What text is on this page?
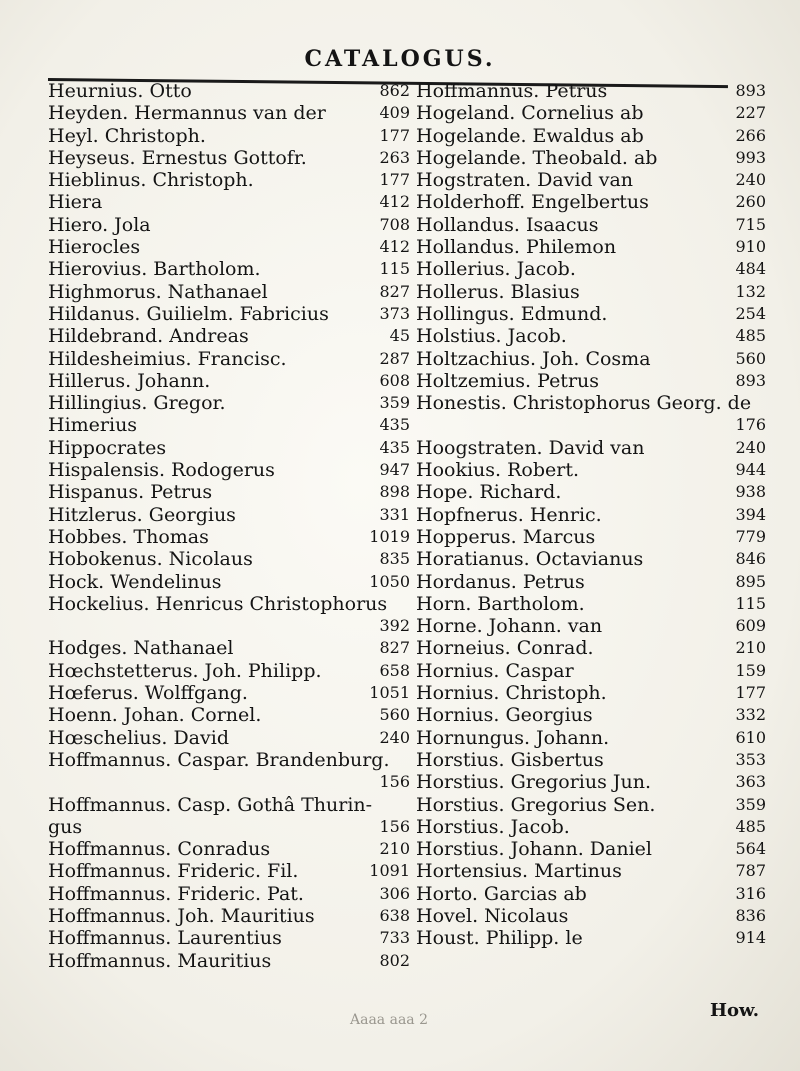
CATALOGUS.
Heurnius. Otto	862
Heyden. Hermannus van der	409
Heyl. Christoph.	177
Heyseus. Ernestus Gottofr.	263
Hieblinus. Christoph.	177
Hiera	412
Hiero. Jola	708
Hierocles	412
Hierovius. Bartholom.	115
Highmorus. Nathanael	827
Hildanus. Guilielm. Fabricius	373
Hildebrand. Andreas	45
Hildesheimius. Francisc.	287
Hillerus. Johann.	608
Hillingius. Gregor.	359
Himerius	435
Hippocrates	435
Hispalensis. Rodogerus	947
Hispanus. Petrus	898
Hitzlerus. Georgius	331
Hobbes. Thomas	1019
Hobokenus. Nicolaus	835
Hock. Wendelinus	1050
Hockelius. Henricus Christophorus
392
Hodges. Nathanael	827
Hœchstetterus. Joh. Philipp.	658
Hœferus. Wolffgang.	1051
Hoenn. Johan. Cornel.	560
Hœschelius. David	240
Hoffmannus. Caspar. Brandenburg.
156
Hoffmannus. Casp. Gothâ Thurin-
gus	156
Hoffmannus. Conradus	210
Hoffmannus. Frideric. Fil.	1091
Hoffmannus. Frideric. Pat.	306
Hoffmannus. Joh. Mauritius	638
Hoffmannus. Laurentius	733
Hoffmannus. Mauritius	802
Hoffmannus. Petrus	893
Hogeland. Cornelius ab	227
Hogelande. Ewaldus ab	266
Hogelande. Theobald. ab	993
Hogstraten. David van	240
Holderhoff. Engelbertus	260
Hollandus. Isaacus	715
Hollandus. Philemon	910
Hollerius. Jacob.	484
Hollerus. Blasius	132
Hollingus. Edmund.	254
Holstius. Jacob.	485
Holtzachius. Joh. Cosma	560
Holtzemius. Petrus	893
Honestis. Christophorus Georg. de
176
Hoogstraten. David van	240
Hookius. Robert.	944
Hope. Richard.	938
Hopfnerus. Henric.	394
Hopperus. Marcus	779
Horatianus. Octavianus	846
Hordanus. Petrus	895
Horn. Bartholom.	115
Horne. Johann. van	609
Horneius. Conrad.	210
Hornius. Caspar	159
Hornius. Christoph.	177
Hornius. Georgius	332
Hornungus. Johann.	610
Horstius. Gisbertus	353
Horstius. Gregorius Jun.	363
Horstius. Gregorius Sen.	359
Horstius. Jacob.	485
Horstius. Johann. Daniel	564
Hortensius. Martinus	787
Horto. Garcias ab	316
Hovel. Nicolaus	836
Houst. Philipp. le	914
Aaaa aaa 2	How.
